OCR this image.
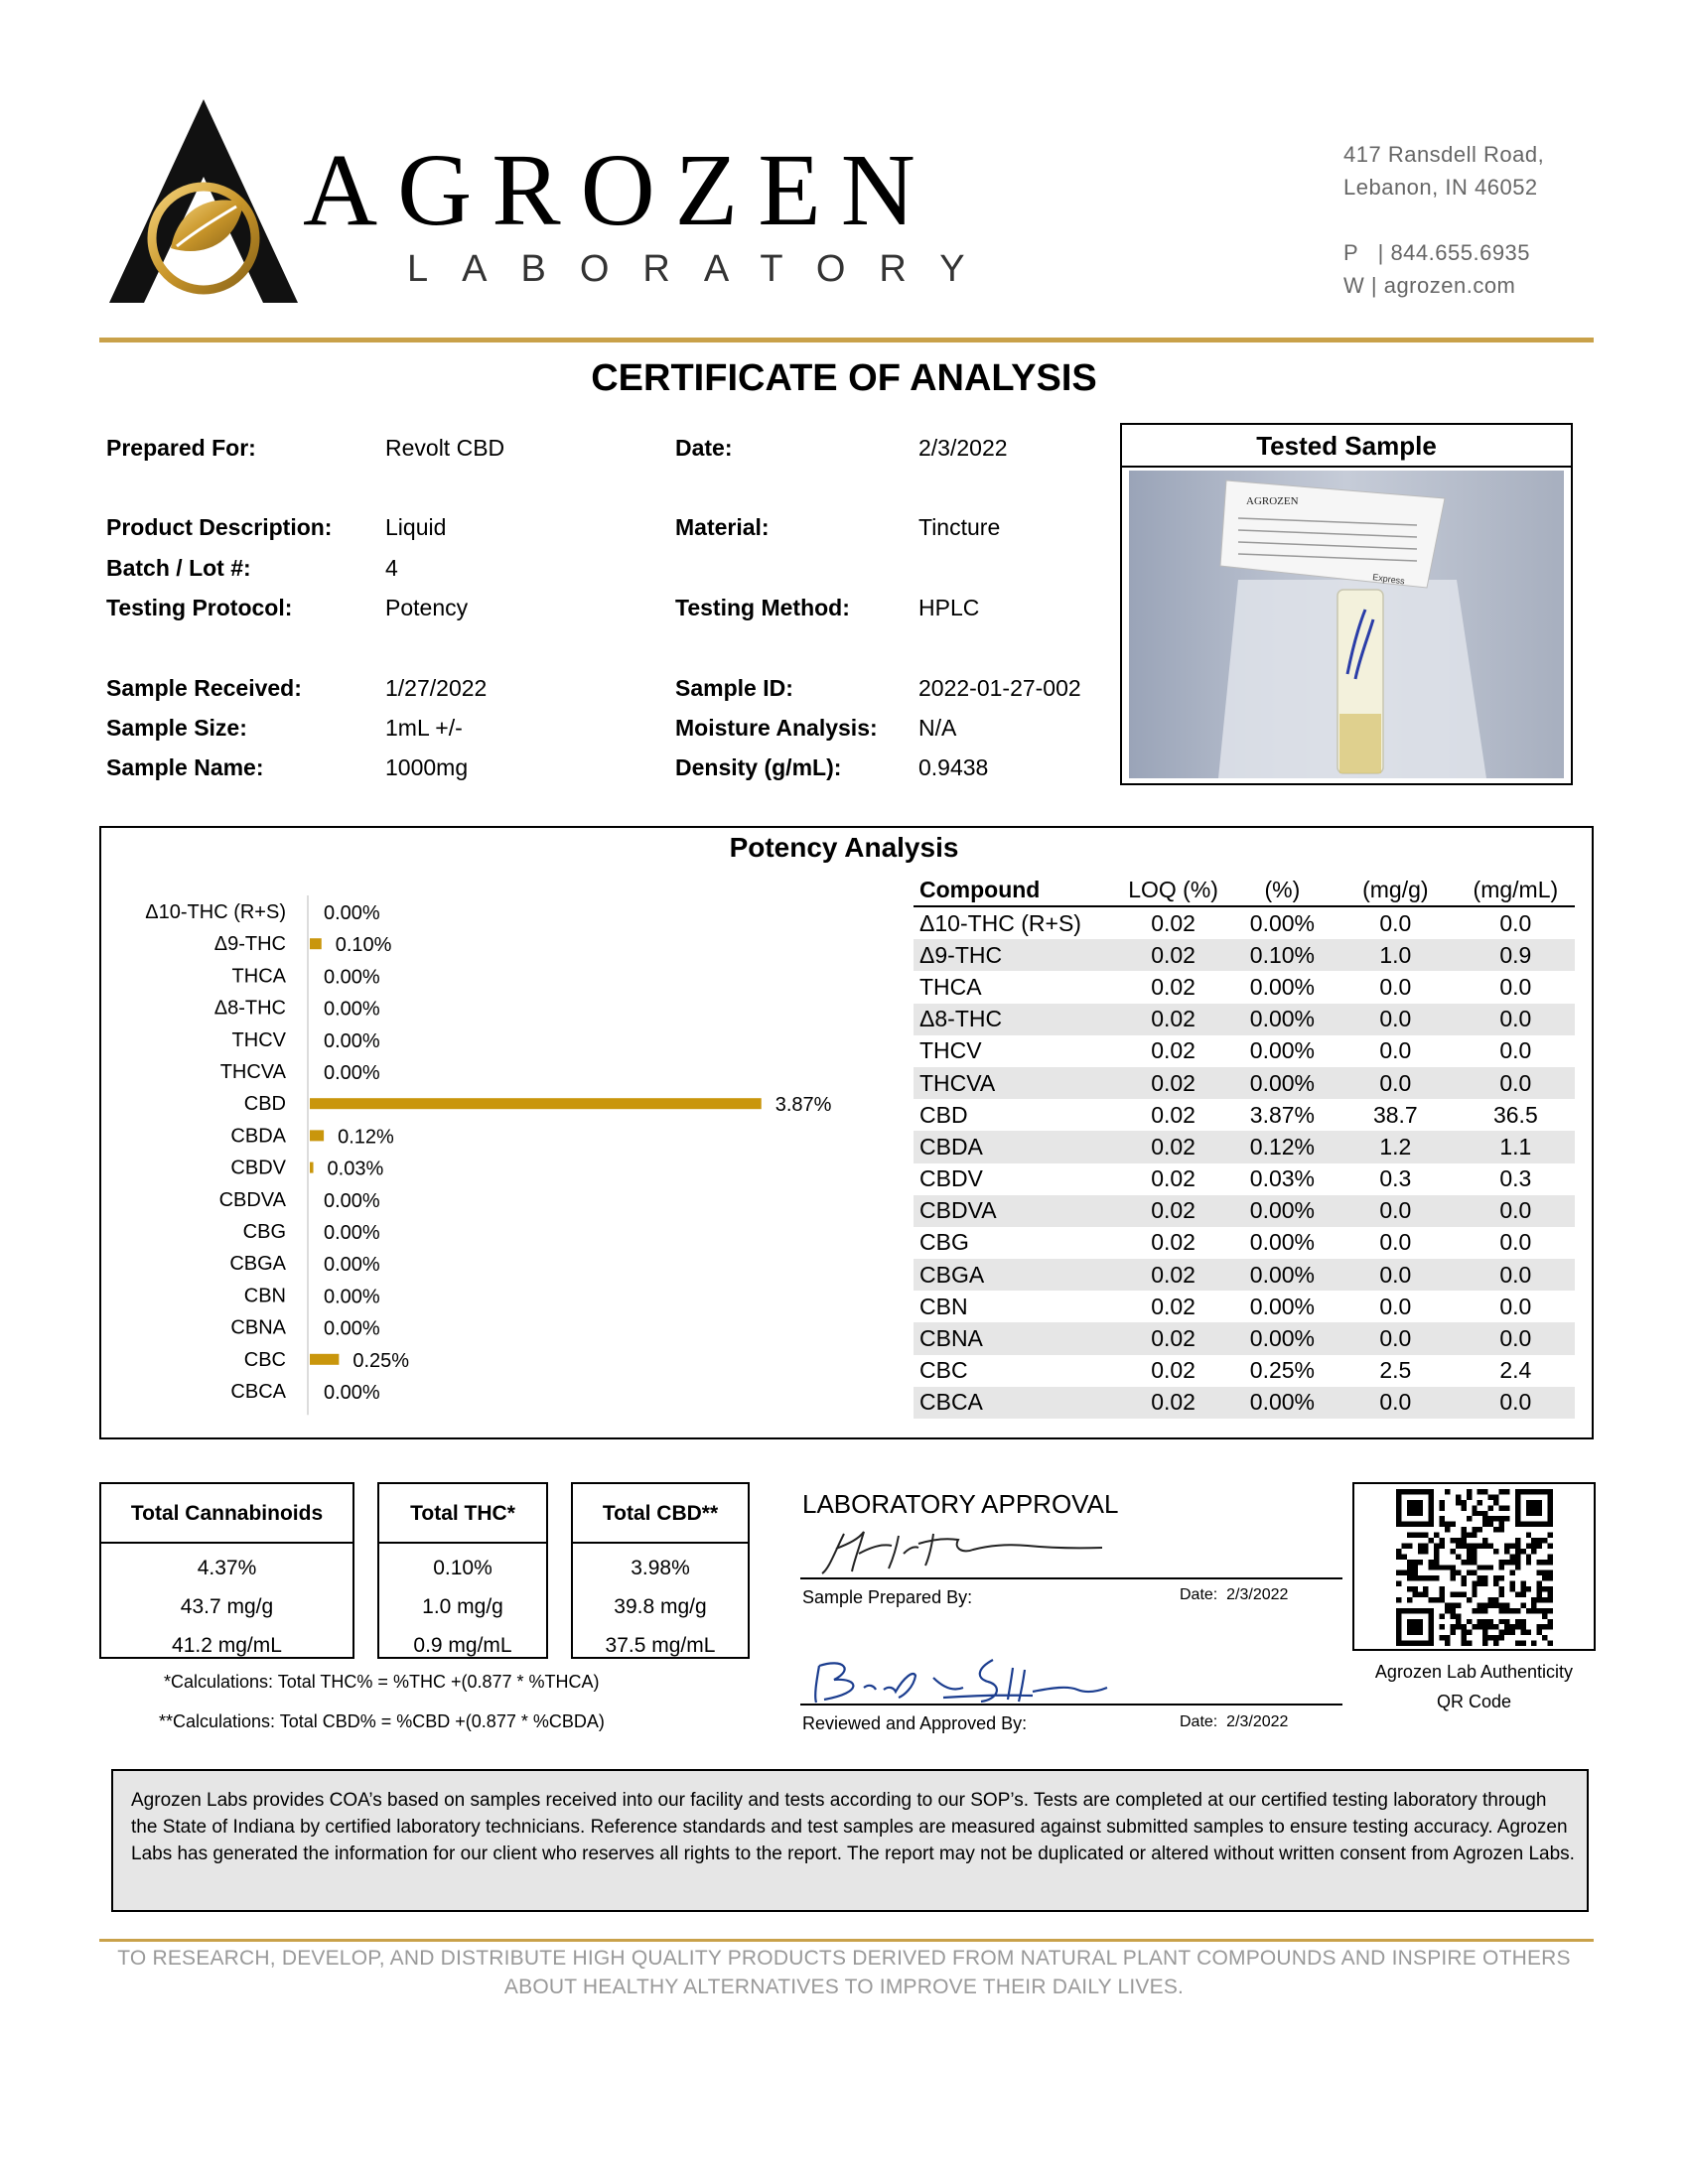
AGROZEN
LABORATORY
417 Ransdell Road,
Lebanon, IN 46052
P   | 844.655.6935
W | agrozen.com
CERTIFICATE OF ANALYSIS
Prepared For:	Revolt CBD	Date:	2/3/2022
Product Description: Liquid	Material:	Tincture
Batch / Lot #:	4
Testing Protocol:	Potency	Testing Method:	HPLC
Sample Received:	1/27/2022	Sample ID:	2022-01-27-002
Sample Size:	1mL +/-	Moisture Analysis: N/A
Sample Name:	1000mg	Density (g/mL):	0.9438
Tested Sample
AGROZEN
Express
Potency Analysis
Δ10-THC (R+S) 0.00%
Δ9-THC 0.10%
THCA 0.00%
Δ8-THC 0.00%
THCV 0.00%
THCVA 0.00%
CBD	3.87%
CBDA	0.12%
CBDV 0.03%
CBDVA 0.00%
CBG 0.00%
CBGA 0.00%
CBN 0.00%
CBNA 0.00%
CBC	0.25%
CBCA 0.00%
Compound	LOQ (%)	(%)	(mg/g)	(mg/mL)
Δ10-THC (R+S)	0.02	0.00%	0.0	0.0
Δ9-THC	0.02	0.10%	1.0	0.9
THCA	0.02	0.00%	0.0	0.0
Δ8-THC	0.02	0.00%	0.0	0.0
THCV	0.02	0.00%	0.0	0.0
THCVA	0.02	0.00%	0.0	0.0
CBD	0.02	3.87%	38.7	36.5
CBDA	0.02	0.12%	1.2	1.1
CBDV	0.02	0.03%	0.3	0.3
CBDVA	0.02	0.00%	0.0	0.0
CBG	0.02	0.00%	0.0	0.0
CBGA	0.02	0.00%	0.0	0.0
CBN	0.02	0.00%	0.0	0.0
CBNA	0.02	0.00%	0.0	0.0
CBC	0.02	0.25%	2.5	2.4
CBCA	0.02	0.00%	0.0	0.0
Total Cannabinoids
4.37%
43.7 mg/g
41.2 mg/mL
Total THC*
0.10%
1.0 mg/g
0.9 mg/mL
Total CBD**
3.98%
39.8 mg/g
37.5 mg/mL
*Calculations: Total THC% = %THC +(0.877 * %THCA)
**Calculations: Total CBD% = %CBD +(0.877 * %CBDA)
LABORATORY APPROVAL
Sample Prepared By:	Date:  2/3/2022
Reviewed and Approved By:	Date:  2/3/2022
Agrozen Lab Authenticity
QR Code
Agrozen Labs provides COA’s based on samples received into our facility and tests according to our SOP’s. Tests are completed at our certified testing laboratory through the State of Indiana by certified laboratory technicians. Reference standards and test samples are measured against submitted samples to ensure testing accuracy. Agrozen Labs has generated the information for our client who reserves all rights to the report. The report may not be duplicated or altered without written consent from Agrozen Labs.
TO RESEARCH, DEVELOP, AND DISTRIBUTE HIGH QUALITY PRODUCTS DERIVED FROM NATURAL PLANT COMPOUNDS AND INSPIRE OTHERS
ABOUT HEALTHY ALTERNATIVES TO IMPROVE THEIR DAILY LIVES.
